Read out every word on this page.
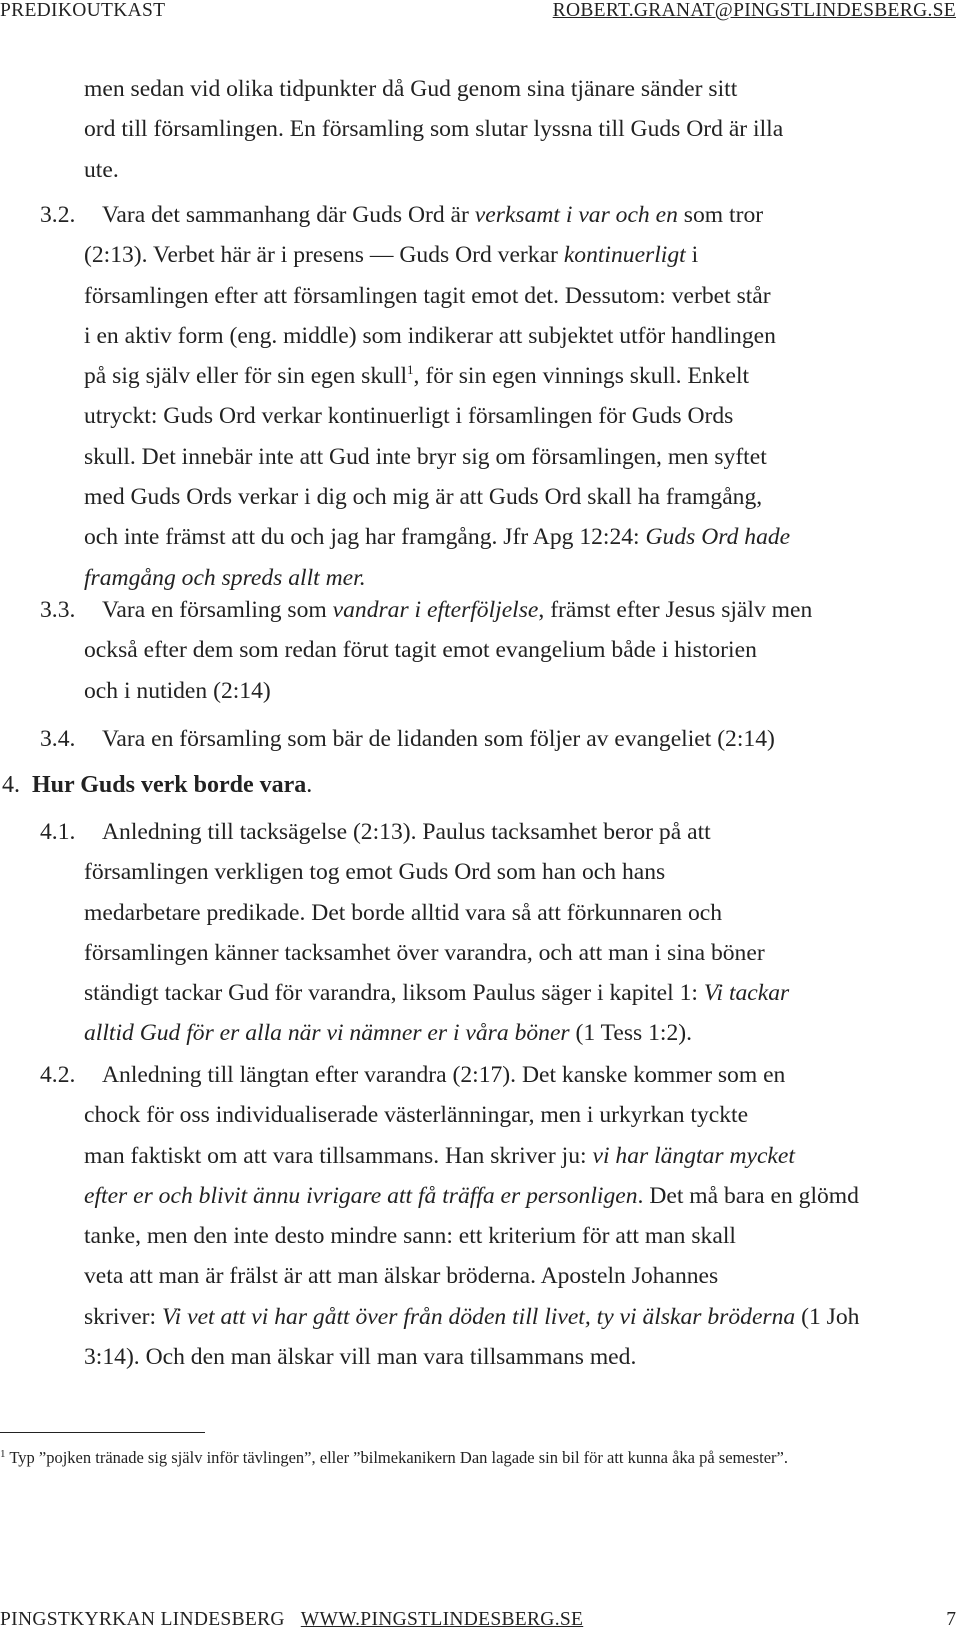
PREDIKOUTKAST	ROBERT.GRANAT@PINGSTLINDESBERG.SE

men sedan vid olika tidpunkter då Gud genom sina tjänare sänder sitt

ord till församlingen. En församling som slutar lyssna till Guds Ord är illa

ute.

3.2.	Vara det sammanhang där Guds Ord är verksamt i var och en som tror

(2:13). Verbet här är i presens — Guds Ord verkar kontinuerligt i

församlingen efter att församlingen tagit emot det. Dessutom: verbet står

i en aktiv form (eng. middle) som indikerar att subjektet utför handlingen

på sig själv eller för sin egen skull$^1$, för sin egen vinnings skull. Enkelt

utryckt: Guds Ord verkar kontinuerligt i församlingen för Guds Ords

skull. Det innebär inte att Gud inte bryr sig om församlingen, men syftet

med Guds Ords verkar i dig och mig är att Guds Ord skall ha framgång,

och inte främst att du och jag har framgång. Jfr Apg 12:24: Guds Ord hade

framgång och spreds allt mer.

3.3.	Vara en församling som vandrar i efterföljelse, främst efter Jesus själv men

också efter dem som redan förut tagit emot evangelium både i historien

och i nutiden (2:14)

3.4.	Vara en församling som bär de lidanden som följer av evangeliet (2:14)

4. Hur Guds verk borde vara.
4.1.	Anledning till tacksägelse (2:13). Paulus tacksamhet beror på att

församlingen verkligen tog emot Guds Ord som han och hans

medarbetare predikade. Det borde alltid vara så att förkunnaren och

församlingen känner tacksamhet över varandra, och att man i sina böner

ständigt tackar Gud för varandra, liksom Paulus säger i kapitel 1: Vi tackar

alltid Gud för er alla när vi nämner er i våra böner (1 Tess 1:2).

4.2.	Anledning till längtan efter varandra (2:17). Det kanske kommer som en

chock för oss individualiserade västerlänningar, men i urkyrkan tyckte

man faktiskt om att vara tillsammans. Han skriver ju: vi har längtar mycket

efter er och blivit ännu ivrigare att få träffa er personligen. Det må bara en glömd

tanke, men den inte desto mindre sann: ett kriterium för att man skall

veta att man är frälst är att man älskar bröderna. Aposteln Johannes

skriver: Vi vet att vi har gått över från döden till livet, ty vi älskar bröderna (1 Joh

3:14). Och den man älskar vill man vara tillsammans med.

$^1$ Typ ”pojken tränade sig själv inför tävlingen”, eller ”bilmekanikern Dan lagade sin bil för att kunna åka på semester”.
PINGSTKYRKAN LINDESBERG WWW.PINGSTLINDESBERG.SE	7
